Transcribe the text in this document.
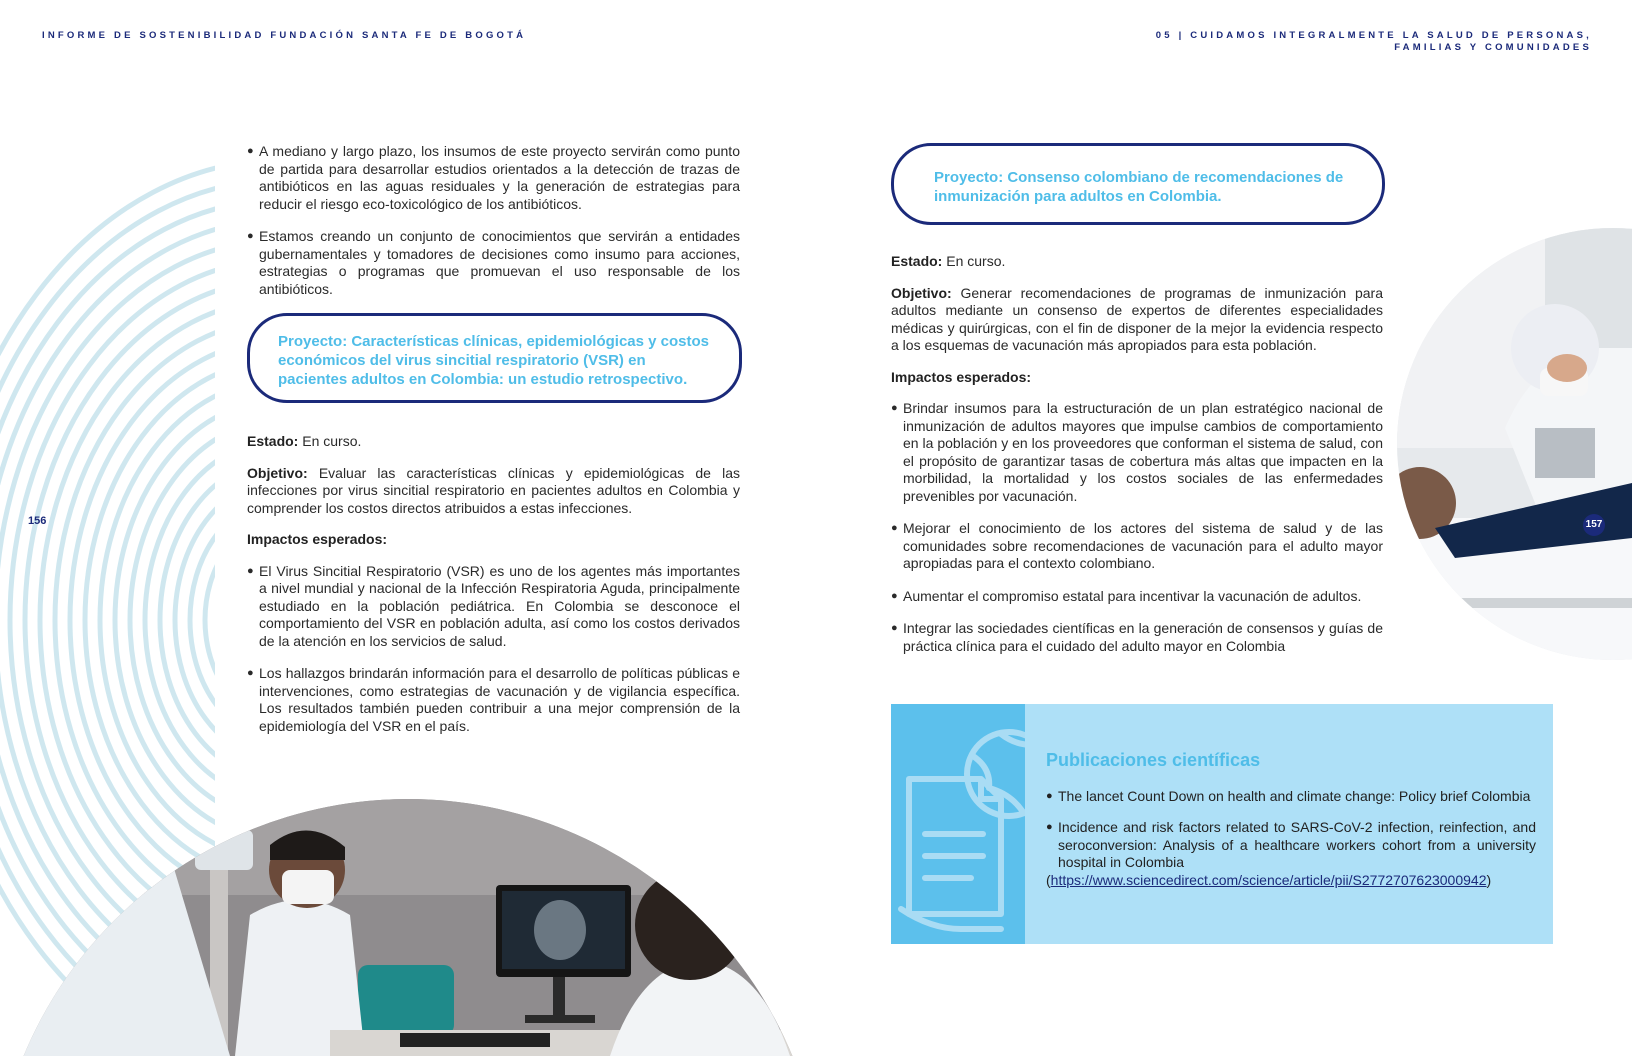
INFORME DE SOSTENIBILIDAD FUNDACIÓN SANTA FE DE BOGOTÁ	05 | CUIDAMOS INTEGRALMENTE LA SALUD DE PERSONAS,
FAMILIAS Y COMUNIDADES
156
● A mediano y largo plazo, los insumos de este proyecto servirán como punto de partida para desarrollar estudios orientados a la detección de trazas de antibióticos en las aguas residuales y la generación de estrategias para reducir el riesgo eco-toxicológico de los antibióticos.
● Estamos creando un conjunto de conocimientos que servirán a entidades gubernamentales y tomadores de decisiones como insumo para acciones, estrategias o programas que promuevan el uso responsable de los antibióticos.
Proyecto: Características clínicas, epidemiológicas y costos económicos del virus sincitial respiratorio (VSR) en pacientes adultos en Colombia: un estudio retrospectivo.

Estado: En curso.

Objetivo: Evaluar las características clínicas y epidemiológicas de las infecciones por virus sincitial respiratorio en pacientes adultos en Colombia y comprender los costos directos atribuidos a estas infecciones.

Impactos esperados:

● El Virus Sincitial Respiratorio (VSR) es uno de los agentes más importantes a nivel mundial y nacional de la Infección Respiratoria Aguda, principalmente estudiado en la población pediátrica. En Colombia se desconoce el comportamiento del VSR en población adulta, así como los costos derivados de la atención en los servicios de salud.
● Los hallazgos brindarán información para el desarrollo de políticas públicas e intervenciones, como estrategias de vacunación y de vigilancia específica. Los resultados también pueden contribuir a una mejor comprensión de la epidemiología del VSR en el país.
Proyecto: Consenso colombiano de recomendaciones de inmunización para adultos en Colombia.

Estado: En curso.

Objetivo: Generar recomendaciones de programas de inmunización para adultos mediante un consenso de expertos de diferentes especialidades médicas y quirúrgicas, con el fin de disponer de la mejor la evidencia respecto a los esquemas de vacunación más apropiados para esta población.

Impactos esperados:

● Brindar insumos para la estructuración de un plan estratégico nacional de inmunización de adultos mayores que impulse cambios de comportamiento en la población y en los proveedores que conforman el sistema de salud, con el propósito de garantizar tasas de cobertura más altas que impacten en la morbilidad, la mortalidad y los costos sociales de las enfermedades prevenibles por vacunación.
● Mejorar el conocimiento de los actores del sistema de salud y de las comunidades sobre recomendaciones de vacunación para el adulto mayor apropiadas para el contexto colombiano.
● Aumentar el compromiso estatal para incentivar la vacunación de adultos.
● Integrar las sociedades científicas en la generación de consensos y guías de práctica clínica para el cuidado del adulto mayor en Colombia
157
Publicaciones científicas
● The lancet Count Down on health and climate change: Policy brief Colombia
● Incidence and risk factors related to SARS-CoV-2 infection, reinfection, and seroconversion: Analysis of a healthcare workers cohort from a university hospital in Colombia
(https://www.sciencedirect.com/science/article/pii/S2772707623000942)
